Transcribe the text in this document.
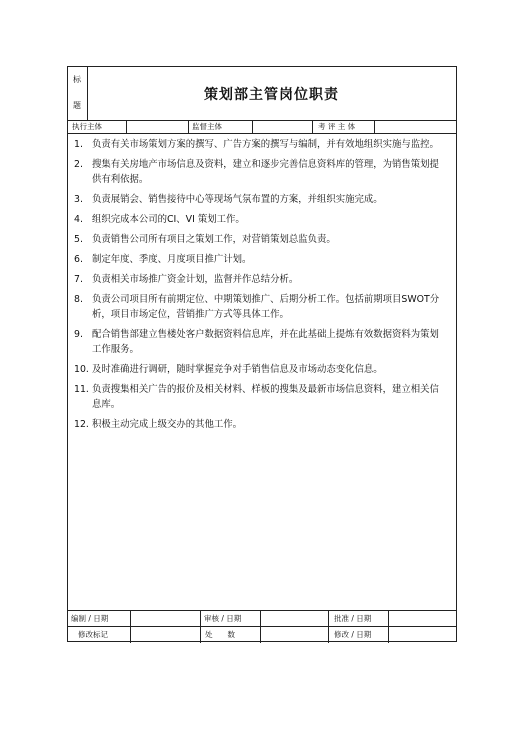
标
题
策划部主管岗位职责
执行主体	监督主体	考 评 主 体
1. 负责有关市场策划方案的撰写、广告方案的撰写与编制，并有效地组织实施与监控。
2. 搜集有关房地产市场信息及资料，建立和逐步完善信息资料库的管理，为销售策划提供有利依据。
3. 负责展销会、销售接待中心等现场气氛布置的方案，并组织实施完成。
4. 组织完成本公司的CI、VI 策划工作。
5. 负责销售公司所有项目之策划工作，对营销策划总监负责。
6. 制定年度、季度、月度项目推广计划。
7. 负责相关市场推广资金计划，监督并作总结分析。
8. 负责公司项目所有前期定位、中期策划推广、后期分析工作。包括前期项目SWOT分析，项目市场定位，营销推广方式等具体工作。
9. 配合销售部建立售楼处客户数据资料信息库，并在此基础上提炼有效数据资料为策划工作服务。
10. 及时准确进行调研，随时掌握竞争对手销售信息及市场动态变化信息。
11. 负责搜集相关广告的报价及相关材料、样板的搜集及最新市场信息资料，建立相关信息库。
12. 积极主动完成上级交办的其他工作。
编制 / 日期	审核 / 日期	批准 / 日期
修改标记	处　　数	修改 / 日期
